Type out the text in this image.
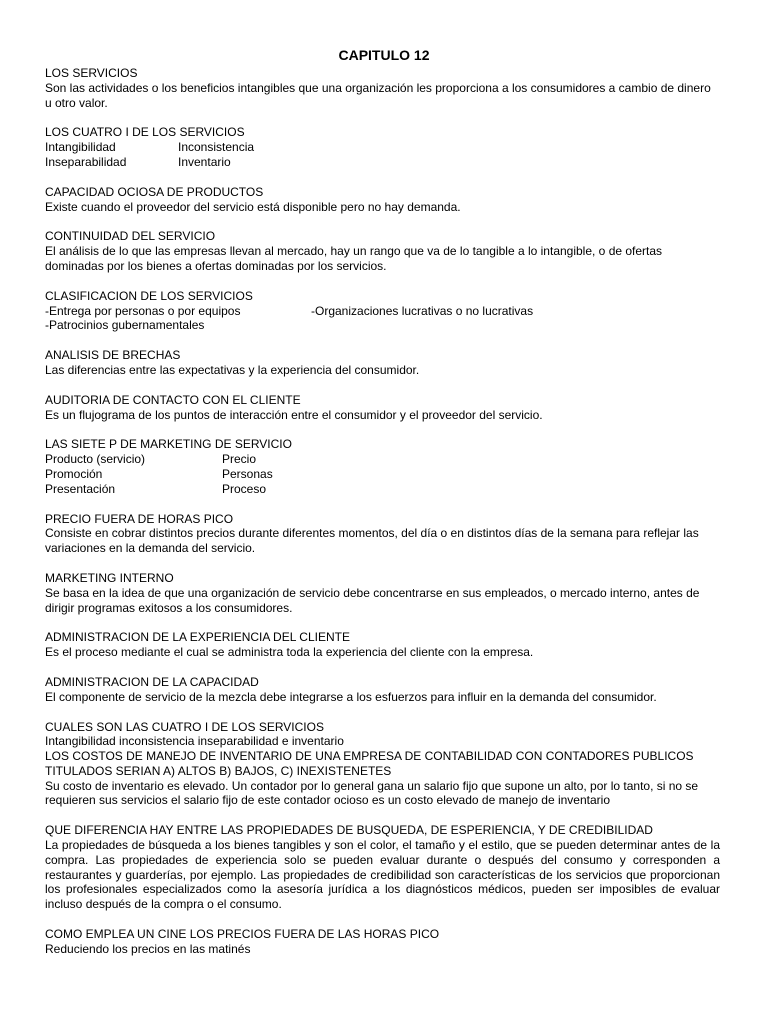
CAPITULO 12
LOS SERVICIOS
Son las actividades o los beneficios intangibles que una organización les proporciona a los consumidores a cambio de dinero u otro valor.
LOS CUATRO I DE LOS SERVICIOS
Intangibilidad	Inconsistencia
Inseparabilidad	Inventario
CAPACIDAD OCIOSA DE PRODUCTOS
Existe cuando el proveedor del servicio está disponible pero no hay demanda.
CONTINUIDAD DEL SERVICIO
El análisis de lo que las empresas llevan al mercado, hay un rango que va de lo tangible a lo intangible, o de ofertas dominadas por los bienes a ofertas dominadas por los servicios.
CLASIFICACION DE LOS SERVICIOS
-Entrega por personas o por equipos	-Organizaciones lucrativas o no lucrativas
-Patrocinios gubernamentales
ANALISIS DE BRECHAS
Las diferencias entre las expectativas y la experiencia del consumidor.
AUDITORIA DE CONTACTO CON EL CLIENTE
Es un flujograma de los puntos de interacción entre el consumidor y el proveedor del servicio.
LAS SIETE P DE MARKETING DE SERVICIO
Producto (servicio)	Precio
Promoción	Personas
Presentación	Proceso
PRECIO FUERA DE HORAS PICO
Consiste en cobrar distintos precios durante diferentes momentos, del día o en distintos días de la semana para reflejar las variaciones en la demanda del servicio.
MARKETING INTERNO
Se basa en la idea de que una organización de servicio debe concentrarse en sus empleados, o mercado interno, antes de dirigir programas exitosos a los consumidores.
ADMINISTRACION DE LA EXPERIENCIA DEL CLIENTE
Es el proceso mediante el cual se administra toda la experiencia del cliente con la empresa.
ADMINISTRACION DE LA CAPACIDAD
El componente de servicio de la mezcla debe integrarse a los esfuerzos para influir en la demanda del consumidor.
CUALES SON LAS CUATRO I DE LOS SERVICIOS
Intangibilidad inconsistencia inseparabilidad e inventario
LOS COSTOS DE MANEJO DE INVENTARIO DE UNA EMPRESA DE CONTABILIDAD CON CONTADORES PUBLICOS TITULADOS SERIAN A) ALTOS B) BAJOS, C) INEXISTENETES
Su costo de inventario es elevado. Un contador por lo general gana un salario fijo que supone un alto, por lo tanto, si no se requieren sus servicios el salario fijo de este contador ocioso es un costo elevado de manejo de inventario
QUE DIFERENCIA HAY ENTRE LAS PROPIEDADES DE BUSQUEDA, DE ESPERIENCIA, Y DE CREDIBILIDAD
La propiedades de búsqueda a los bienes tangibles y son el color, el tamaño y el estilo, que se pueden determinar antes de la compra. Las propiedades de experiencia solo se pueden evaluar durante o después del consumo y corresponden a restaurantes y guarderías, por ejemplo. Las propiedades de credibilidad son características de los servicios que proporcionan los profesionales especializados como la asesoría jurídica a los diagnósticos médicos, pueden ser imposibles de evaluar incluso después de la compra o el consumo.
COMO EMPLEA UN CINE LOS PRECIOS FUERA DE LAS HORAS PICO
Reduciendo los precios en las matinés
